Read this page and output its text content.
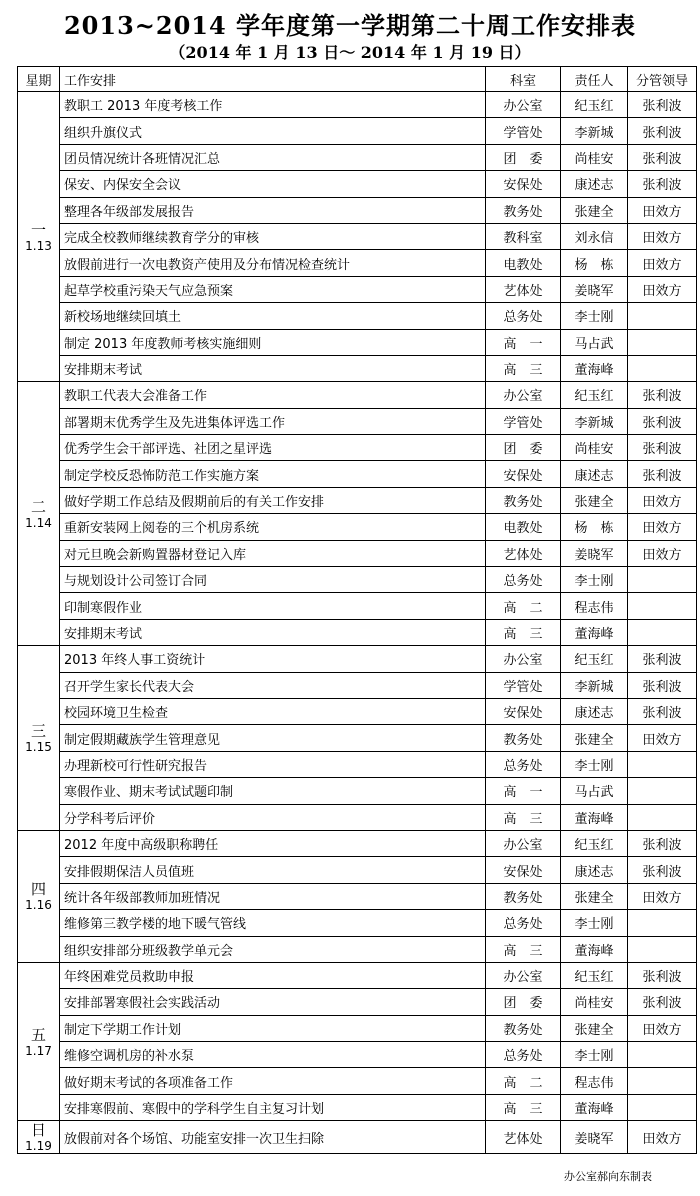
2013~2014 学年度第一学期第二十周工作安排表
（2014 年 1 月 13 日～ 2014 年 1 月 19 日）
星期	工作安排	科室	责任人	分管领导

一
1.13	教职工 2013 年度考核工作	办公室	纪玉红	张利波
	组织升旗仪式	学管处	李新城	张利波
	团员情况统计各班情况汇总	团　委	尚桂安	张利波
	保安、内保安全会议	安保处	康述志	张利波
	整理各年级部发展报告	教务处	张建全	田效方
	完成全校教师继续教育学分的审核	教科室	刘永信	田效方
	放假前进行一次电教资产使用及分布情况检查统计	电教处	杨　栋	田效方
	起草学校重污染天气应急预案	艺体处	姜晓军	田效方
	新校场地继续回填土	总务处	李士刚	
	制定 2013 年度教师考核实施细则	高　一	马占武	
	安排期末考试	高　三	董海峰	

二
1.14	教职工代表大会准备工作	办公室	纪玉红	张利波
	部署期末优秀学生及先进集体评选工作	学管处	李新城	张利波
	优秀学生会干部评选、社团之星评选	团　委	尚桂安	张利波
	制定学校反恐怖防范工作实施方案	安保处	康述志	张利波
	做好学期工作总结及假期前后的有关工作安排	教务处	张建全	田效方
	重新安装网上阅卷的三个机房系统	电教处	杨　栋	田效方
	对元旦晚会新购置器材登记入库	艺体处	姜晓军	田效方
	与规划设计公司签订合同	总务处	李士刚	
	印制寒假作业	高　二	程志伟	
	安排期末考试	高　三	董海峰	

三
1.15	2013 年终人事工资统计	办公室	纪玉红	张利波
	召开学生家长代表大会	学管处	李新城	张利波
	校园环境卫生检查	安保处	康述志	张利波
	制定假期藏族学生管理意见	教务处	张建全	田效方
	办理新校可行性研究报告	总务处	李士刚	
	寒假作业、期末考试试题印制	高　一	马占武	
	分学科考后评价	高　三	董海峰	

四
1.16	2012 年度中高级职称聘任	办公室	纪玉红	张利波
	安排假期保洁人员值班	安保处	康述志	张利波
	统计各年级部教师加班情况	教务处	张建全	田效方
	维修第三教学楼的地下暖气管线	总务处	李士刚	
	组织安排部分班级教学单元会	高　三	董海峰	

五
1.17	年终困难党员救助申报	办公室	纪玉红	张利波
	安排部署寒假社会实践活动	团　委	尚桂安	张利波
	制定下学期工作计划	教务处	张建全	田效方
	维修空调机房的补水泵	总务处	李士刚	
	做好期末考试的各项准备工作	高　二	程志伟	
	安排寒假前、寒假中的学科学生自主复习计划	高　三	董海峰	

日
1.19	放假前对各个场馆、功能室安排一次卫生扫除	艺体处	姜晓军	田效方
办公室郝向东制表
